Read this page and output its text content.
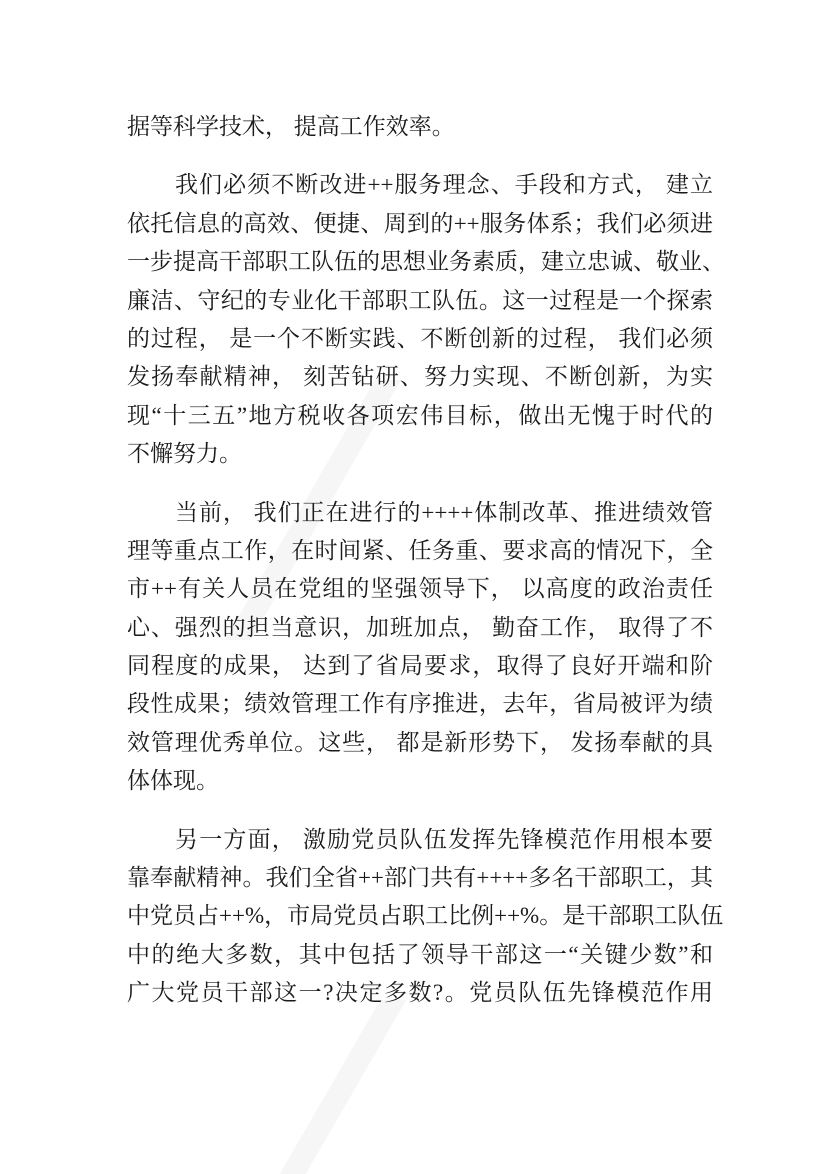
据等科学技术， 提高工作效率。
我们必须不断改进++服务理念、手段和方式， 建立
依托信息的高效、便捷、周到的++服务体系；我们必须进
一步提高干部职工队伍的思想业务素质，建立忠诚、敬业、
廉洁、守纪的专业化干部职工队伍。这一过程是一个探索
的过程， 是一个不断实践、不断创新的过程， 我们必须
发扬奉献精神， 刻苦钻研、努力实现、不断创新，为实
现“十三五”地方税收各项宏伟目标，做出无愧于时代的
不懈努力。
当前， 我们正在进行的++++体制改革、推进绩效管
理等重点工作，在时间紧、任务重、要求高的情况下，全
市++有关人员在党组的坚强领导下， 以高度的政治责任
心、强烈的担当意识，加班加点， 勤奋工作， 取得了不
同程度的成果， 达到了省局要求，取得了良好开端和阶
段性成果；绩效管理工作有序推进，去年，省局被评为绩
效管理优秀单位。这些， 都是新形势下， 发扬奉献的具
体体现。
另一方面， 激励党员队伍发挥先锋模范作用根本要
靠奉献精神。我们全省++部门共有++++多名干部职工，其
中党员占++%，市局党员占职工比例++%。是干部职工队伍
中的绝大多数，其中包括了领导干部这一“关键少数”和
广大党员干部这一?决定多数?。党员队伍先锋模范作用
